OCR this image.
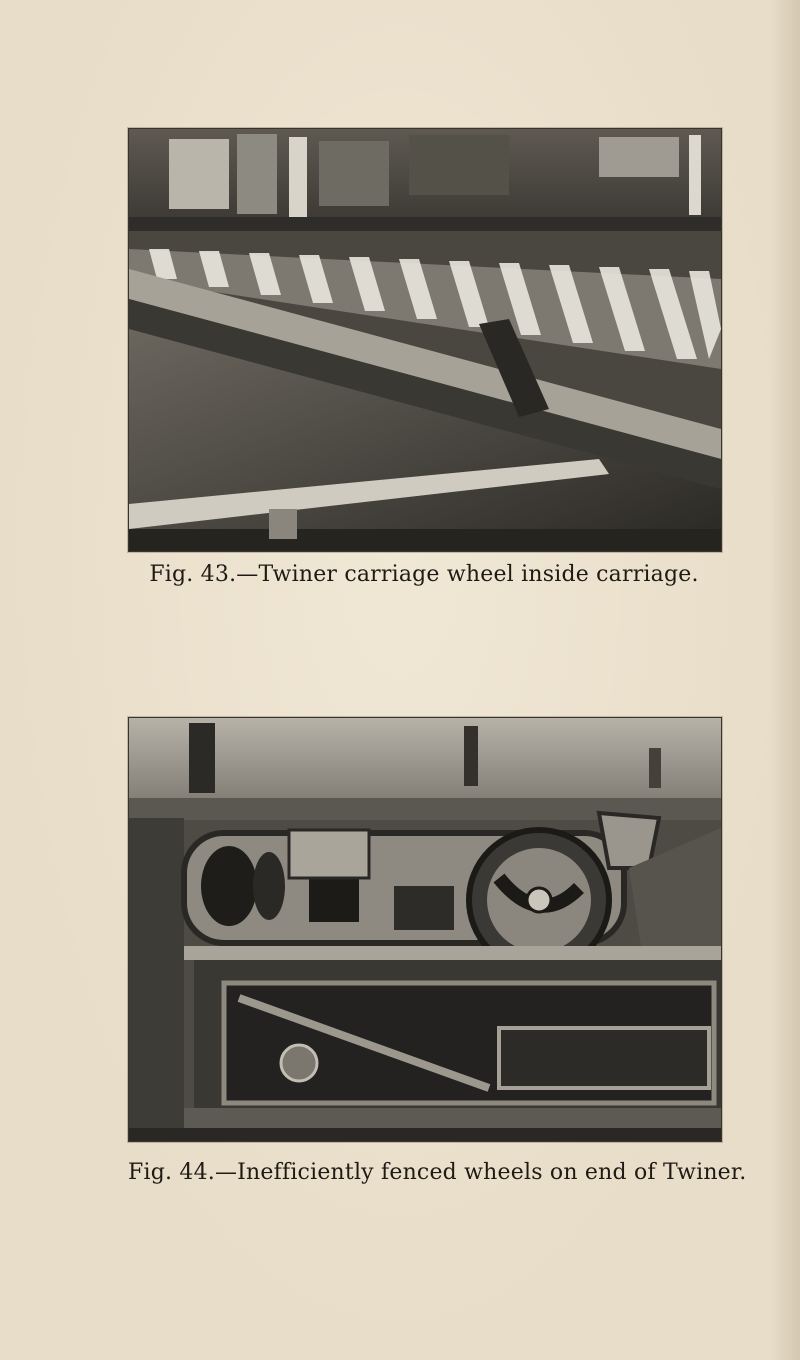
Fig. 43.—Twiner carriage wheel inside carriage.
Fig. 44.—Inefficiently fenced wheels on end of Twiner.
